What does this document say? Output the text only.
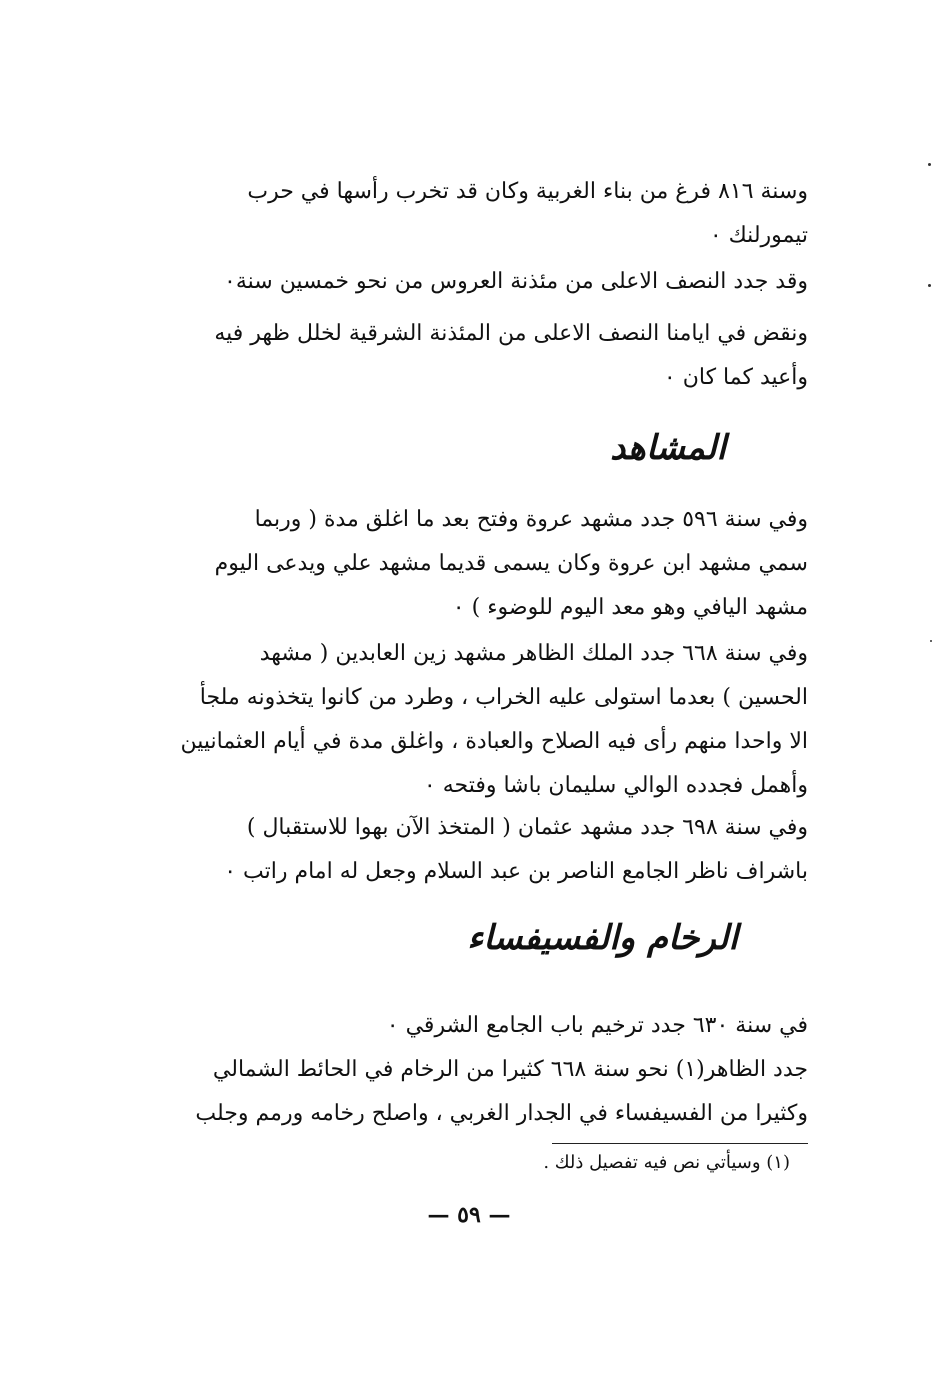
وسنة ٨١٦ فرغ من بناء الغربية وكان قد تخرب رأسها في حرب
تيمورلنك ٠
وقد جدد النصف الاعلى من مئذنة العروس من نحو خمسين سنة٠
ونقض في ايامنا النصف الاعلى من المئذنة الشرقية لخلل ظهر فيه
وأعيد كما كان ٠
المشاهد
وفي سنة ٥٩٦ جدد مشهد عروة وفتح بعد ما اغلق مدة ( وربما
سمي مشهد ابن عروة وكان يسمى قديما مشهد علي ويدعى اليوم
مشهد اليافي وهو معد اليوم للوضوء ) ٠
وفي سنة ٦٦٨ جدد الملك الظاهر مشهد زين العابدين ( مشهد
الحسين ) بعدما استولى عليه الخراب ، وطرد من كانوا يتخذونه ملجأ
الا واحدا منهم رأى فيه الصلاح والعبادة ، واغلق مدة في أيام العثمانيين
وأهمل فجدده الوالي سليمان باشا وفتحه ٠
وفي سنة ٦٩٨ جدد مشهد عثمان ( المتخذ الآن بهوا للاستقبال )
باشراف ناظر الجامع الناصر بن عبد السلام وجعل له امام راتب ٠
الرخام والفسيفساء
في سنة ٦٣٠ جدد ترخيم باب الجامع الشرقي ٠
جدد الظاهر(١) نحو سنة ٦٦٨ كثيرا من الرخام في الحائط الشمالي
وكثيرا من الفسيفساء في الجدار الغربي ، واصلح رخامه ورمم وجلب
(١) وسيأتي نص فيه تفصيل ذلك .
— ٥٩ —
